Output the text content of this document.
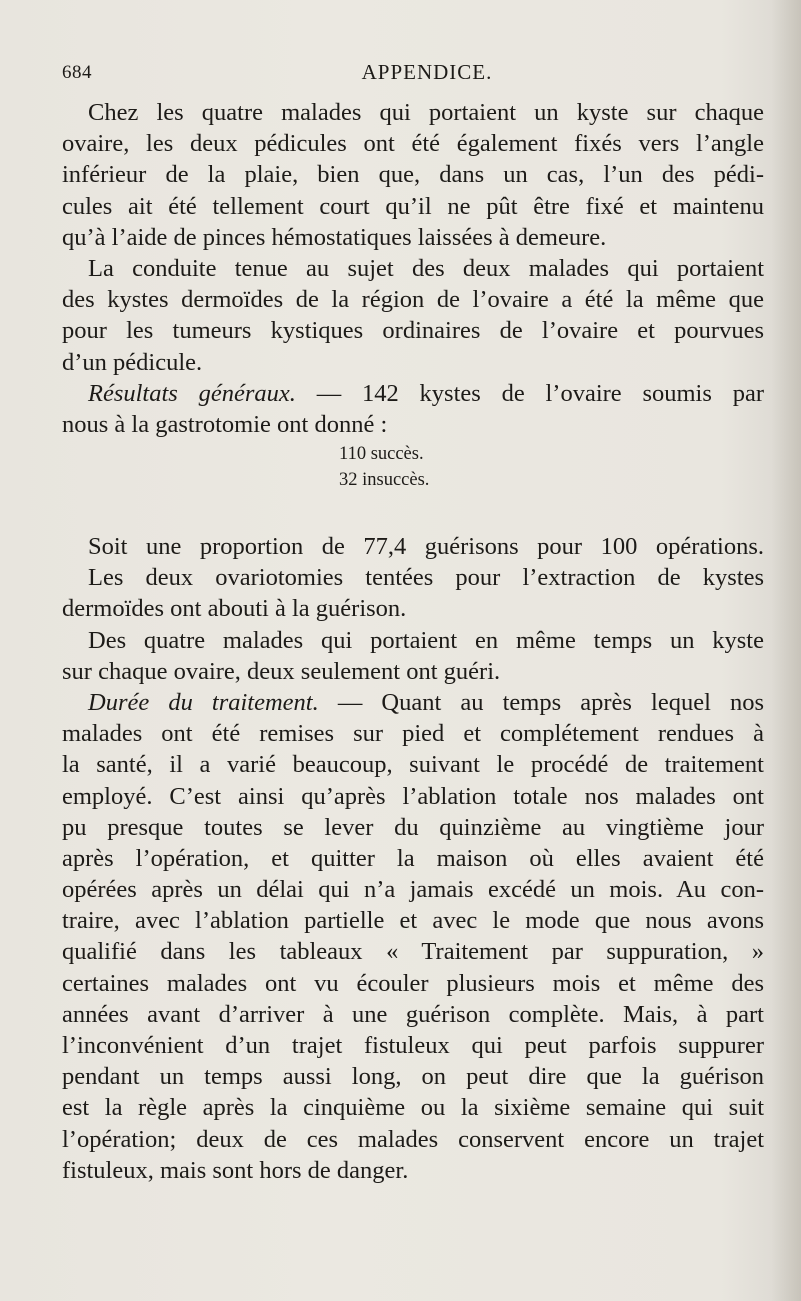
684	APPENDICE.
Chez les quatre malades qui portaient un kyste sur chaque
ovaire, les deux pédicules ont été également fixés vers l’angle
inférieur de la plaie, bien que, dans un cas, l’un des pédi-
cules ait été tellement court qu’il ne pût être fixé et maintenu
qu’à l’aide de pinces hémostatiques laissées à demeure.
La conduite tenue au sujet des deux malades qui portaient
des kystes dermoïdes de la région de l’ovaire a été la même que
pour les tumeurs kystiques ordinaires de l’ovaire et pourvues
d’un pédicule.
Résultats généraux. — 142 kystes de l’ovaire soumis par
nous à la gastrotomie ont donné :
110 succès.
32 insuccès.
Soit une proportion de 77,4 guérisons pour 100 opérations.
Les deux ovariotomies tentées pour l’extraction de kystes
dermoïdes ont abouti à la guérison.
Des quatre malades qui portaient en même temps un kyste
sur chaque ovaire, deux seulement ont guéri.
Durée du traitement. — Quant au temps après lequel nos
malades ont été remises sur pied et complétement rendues à
la santé, il a varié beaucoup, suivant le procédé de traitement
employé. C’est ainsi qu’après l’ablation totale nos malades ont
pu presque toutes se lever du quinzième au vingtième jour
après l’opération, et quitter la maison où elles avaient été
opérées après un délai qui n’a jamais excédé un mois. Au con-
traire, avec l’ablation partielle et avec le mode que nous avons
qualifié dans les tableaux « Traitement par suppuration, »
certaines malades ont vu écouler plusieurs mois et même des
années avant d’arriver à une guérison complète. Mais, à part
l’inconvénient d’un trajet fistuleux qui peut parfois suppurer
pendant un temps aussi long, on peut dire que la guérison
est la règle après la cinquième ou la sixième semaine qui suit
l’opération; deux de ces malades conservent encore un trajet
fistuleux, mais sont hors de danger.
